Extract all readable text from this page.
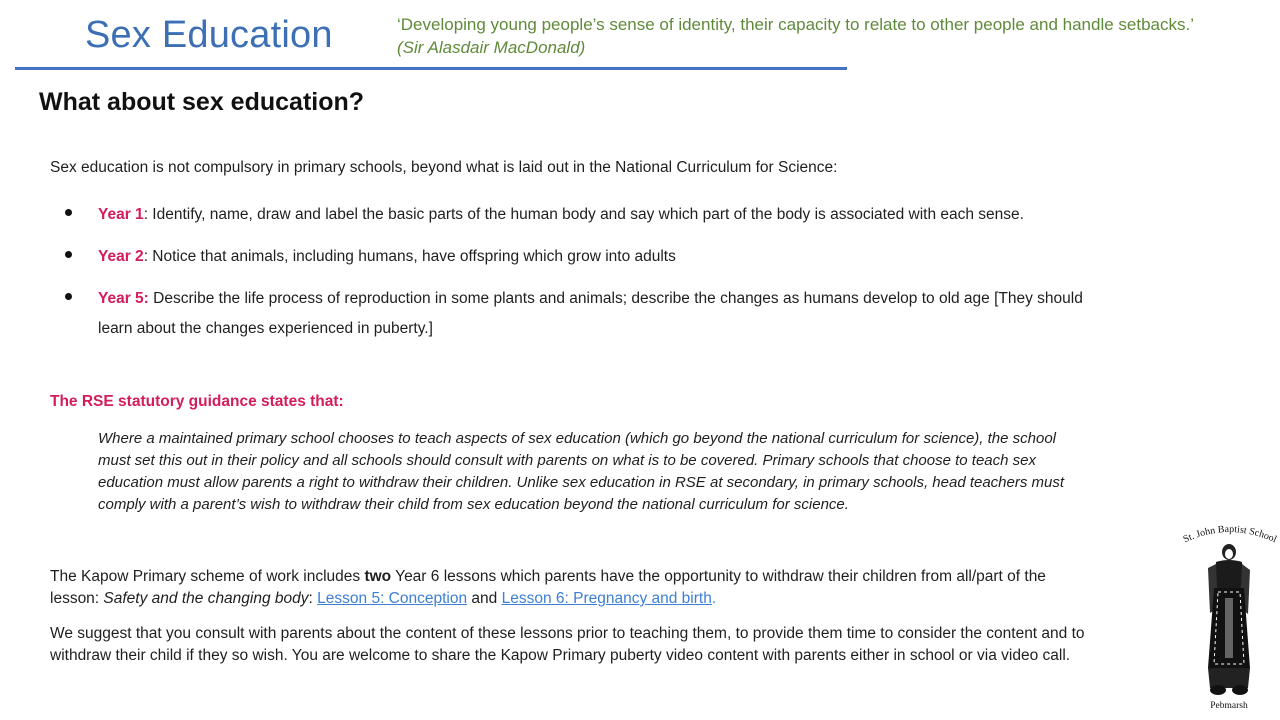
Sex Education	‘Developing young people’s sense of identity, their capacity to relate to other people and handle setbacks.’
(Sir Alasdair MacDonald)
What about sex education?
Sex education is not compulsory in primary schools, beyond what is laid out in the National Curriculum for Science:
Year 1: Identify, name, draw and label the basic parts of the human body and say which part of the body is associated with each sense.
Year 2: Notice that animals, including humans, have offspring which grow into adults
Year 5: Describe the life process of reproduction in some plants and animals; describe the changes as humans develop to old age [They should learn about the changes experienced in puberty.]
The RSE statutory guidance states that:
Where a maintained primary school chooses to teach aspects of sex education (which go beyond the national curriculum for science), the school must set this out in their policy and all schools should consult with parents on what is to be covered. Primary schools that choose to teach sex education must allow parents a right to withdraw their children. Unlike sex education in RSE at secondary, in primary schools, head teachers must comply with a parent’s wish to withdraw their child from sex education beyond the national curriculum for science.
The Kapow Primary scheme of work includes two Year 6 lessons which parents have the opportunity to withdraw their children from all/part of the lesson: Safety and the changing body: Lesson 5: Conception and Lesson 6: Pregnancy and birth.
We suggest that you consult with parents about the content of these lessons prior to teaching them, to provide them time to consider the content and to withdraw their child if they so wish. You are welcome to share the Kapow Primary puberty video content with parents either in school or via video call.
St. John Baptist School
Pebmarsh
